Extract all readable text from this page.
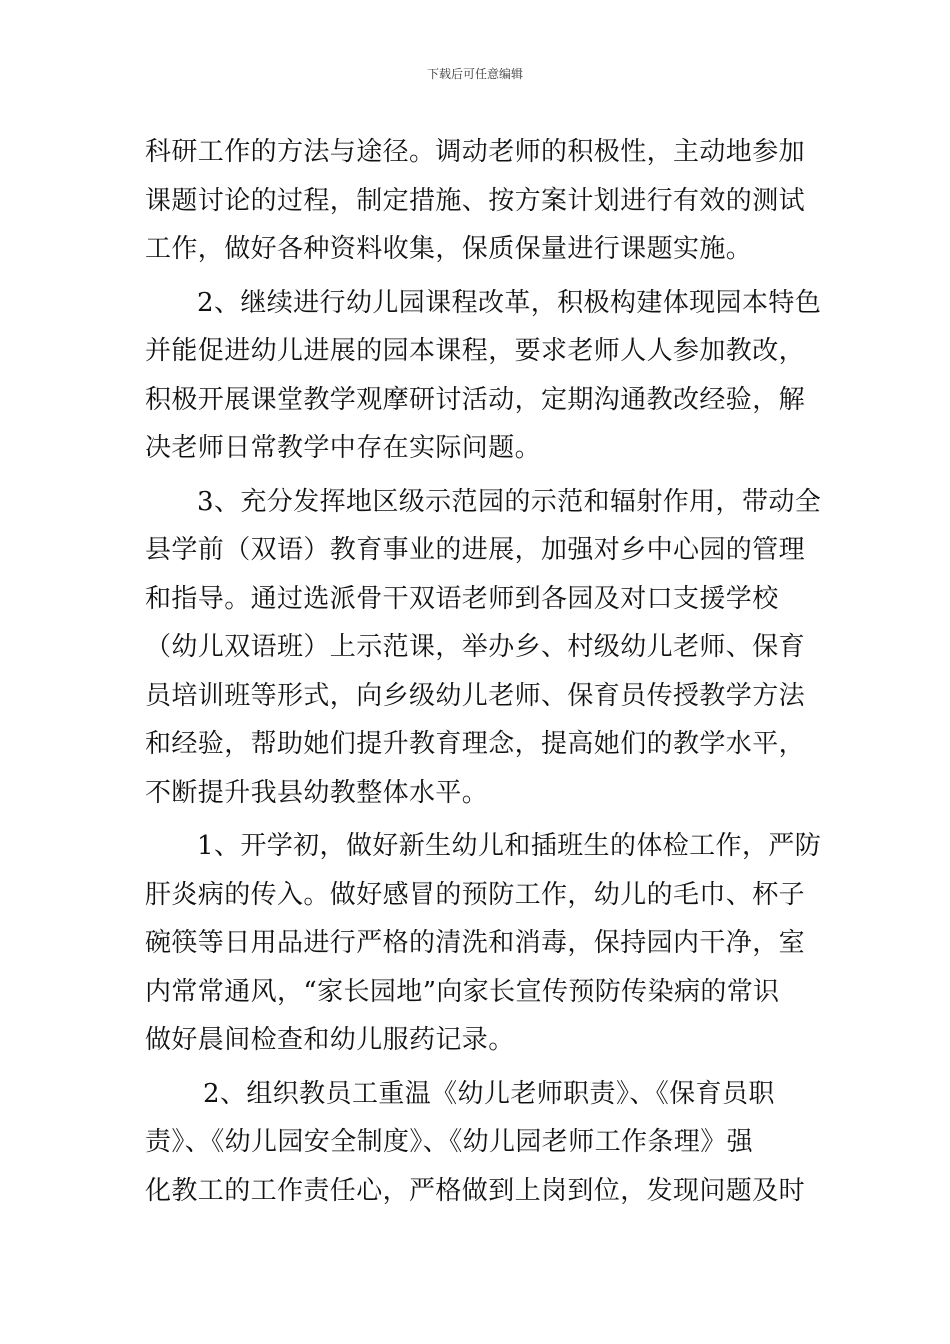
下载后可任意编辑
科研工作的方法与途径。调动老师的积极性，主动地参加
课题讨论的过程，制定措施、按方案计划进行有效的测试
工作，做好各种资料收集，保质保量进行课题实施。
2、继续进行幼儿园课程改革，积极构建体现园本特色
并能促进幼儿进展的园本课程，要求老师人人参加教改，
积极开展课堂教学观摩研讨活动，定期沟通教改经验，解
决老师日常教学中存在实际问题。
3、充分发挥地区级示范园的示范和辐射作用，带动全
县学前（双语）教育事业的进展，加强对乡中心园的管理
和指导。通过选派骨干双语老师到各园及对口支援学校
（幼儿双语班）上示范课，举办乡、村级幼儿老师、保育
员培训班等形式，向乡级幼儿老师、保育员传授教学方法
和经验，帮助她们提升教育理念，提高她们的教学水平，
不断提升我县幼教整体水平。
1、开学初，做好新生幼儿和插班生的体检工作，严防
肝炎病的传入。做好感冒的预防工作，幼儿的毛巾、杯子
碗筷等日用品进行严格的清洗和消毒，保持园内干净，室
内常常通风，“家长园地”向家长宣传预防传染病的常识
做好晨间检查和幼儿服药记录。
2、组织教员工重温《幼儿老师职责》、《保育员职
责》、《幼儿园安全制度》、《幼儿园老师工作条理》强
化教工的工作责任心，严格做到上岗到位，发现问题及时
